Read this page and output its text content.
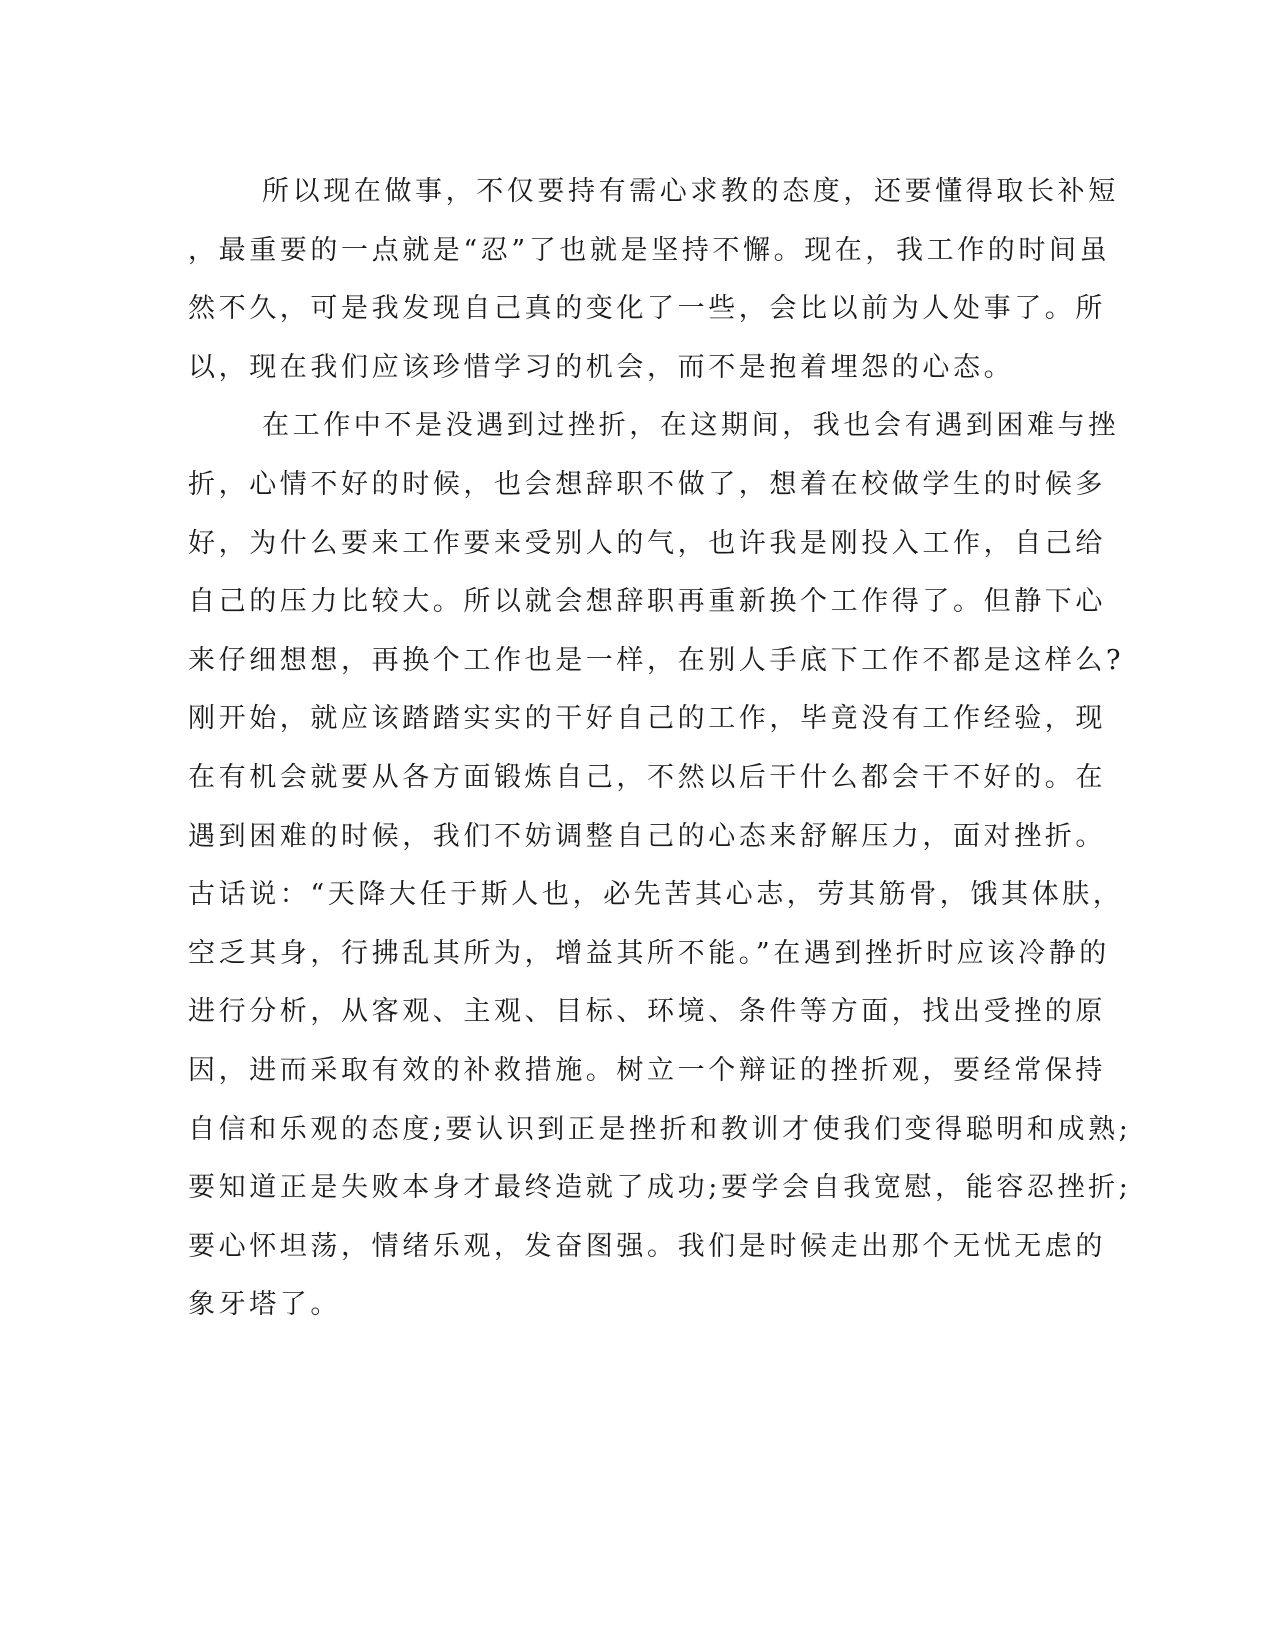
所以现在做事，不仅要持有需心求教的态度，还要懂得取长补短
，最重要的一点就是“忍”了也就是坚持不懈。现在，我工作的时间虽
然不久，可是我发现自己真的变化了一些，会比以前为人处事了。所
以，现在我们应该珍惜学习的机会，而不是抱着埋怨的心态。
在工作中不是没遇到过挫折，在这期间，我也会有遇到困难与挫
折，心情不好的时候，也会想辞职不做了，想着在校做学生的时候多
好，为什么要来工作要来受别人的气，也许我是刚投入工作，自己给
自己的压力比较大。所以就会想辞职再重新换个工作得了。但静下心
来仔细想想，再换个工作也是一样，在别人手底下工作不都是这样么?
刚开始，就应该踏踏实实的干好自己的工作，毕竟没有工作经验，现
在有机会就要从各方面锻炼自己，不然以后干什么都会干不好的。在
遇到困难的时候，我们不妨调整自己的心态来舒解压力，面对挫折。
古话说：“天降大任于斯人也，必先苦其心志，劳其筋骨，饿其体肤，
空乏其身，行拂乱其所为，增益其所不能。”在遇到挫折时应该冷静的
进行分析，从客观、主观、目标、环境、条件等方面，找出受挫的原
因，进而采取有效的补救措施。树立一个辩证的挫折观，要经常保持
自信和乐观的态度;要认识到正是挫折和教训才使我们变得聪明和成熟;
要知道正是失败本身才最终造就了成功;要学会自我宽慰，能容忍挫折;
要心怀坦荡，情绪乐观，发奋图强。我们是时候走出那个无忧无虑的
象牙塔了。
